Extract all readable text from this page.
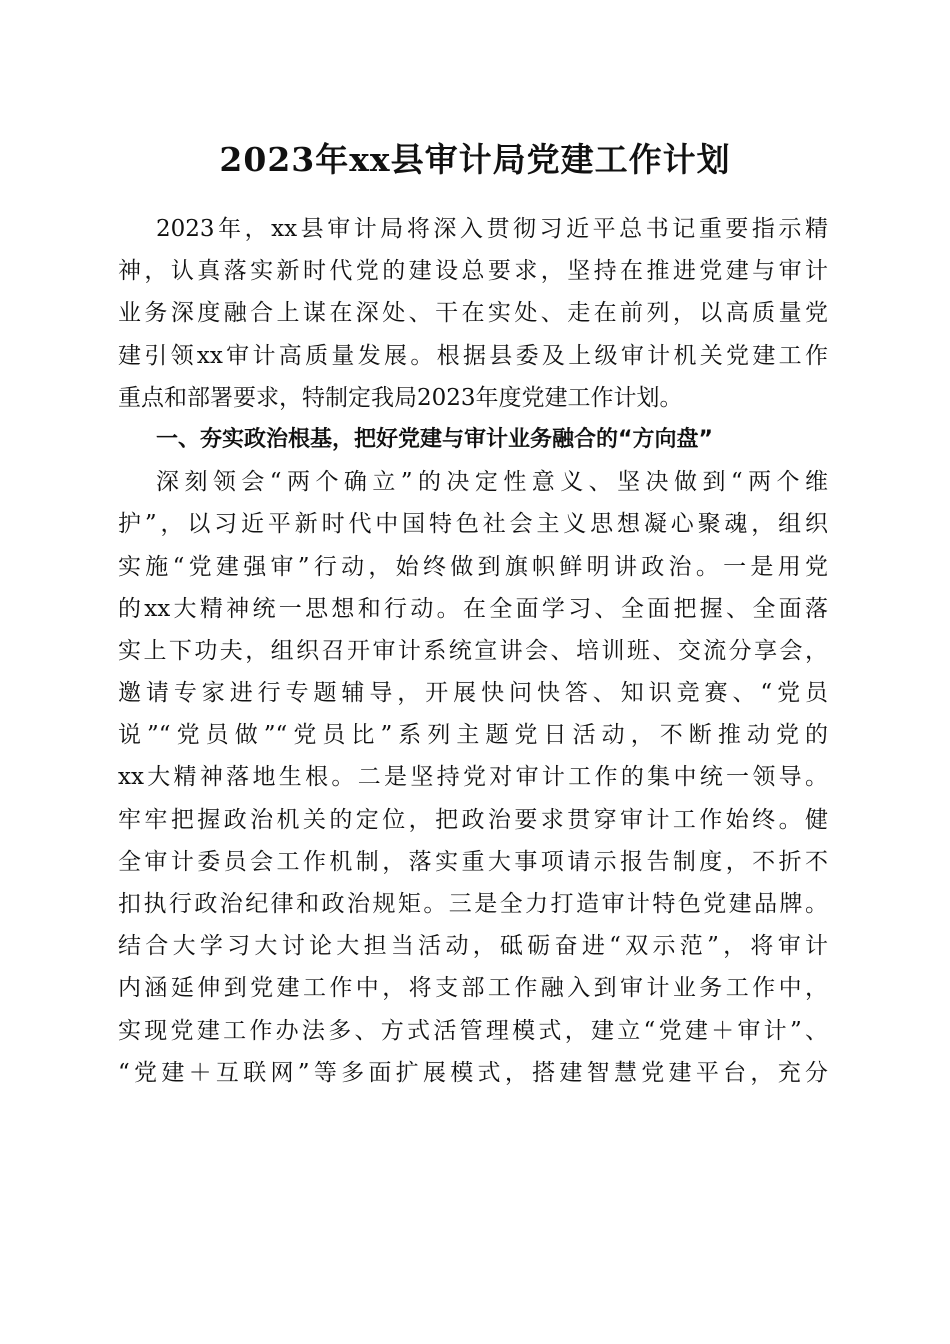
2023年xx县审计局党建工作计划
2023年，xx县审计局将深入贯彻习近平总书记重要指示精
神，认真落实新时代党的建设总要求，坚持在推进党建与审计
业务深度融合上谋在深处、干在实处、走在前列，以高质量党
建引领xx审计高质量发展。根据县委及上级审计机关党建工作
重点和部署要求，特制定我局2023年度党建工作计划。
一、夯实政治根基，把好党建与审计业务融合的“方向盘”
深刻领会“两个确立”的决定性意义、坚决做到“两个维
护”，以习近平新时代中国特色社会主义思想凝心聚魂，组织
实施“党建强审”行动，始终做到旗帜鲜明讲政治。一是用党
的xx大精神统一思想和行动。在全面学习、全面把握、全面落
实上下功夫，组织召开审计系统宣讲会、培训班、交流分享会，
邀请专家进行专题辅导，开展快问快答、知识竞赛、“党员
说”“党员做”“党员比”系列主题党日活动，不断推动党的
xx大精神落地生根。二是坚持党对审计工作的集中统一领导。
牢牢把握政治机关的定位，把政治要求贯穿审计工作始终。健
全审计委员会工作机制，落实重大事项请示报告制度，不折不
扣执行政治纪律和政治规矩。三是全力打造审计特色党建品牌。
结合大学习大讨论大担当活动，砥砺奋进“双示范”，将审计
内涵延伸到党建工作中，将支部工作融入到审计业务工作中，
实现党建工作办法多、方式活管理模式，建立“党建＋审计”、
“党建＋互联网”等多面扩展模式，搭建智慧党建平台，充分
